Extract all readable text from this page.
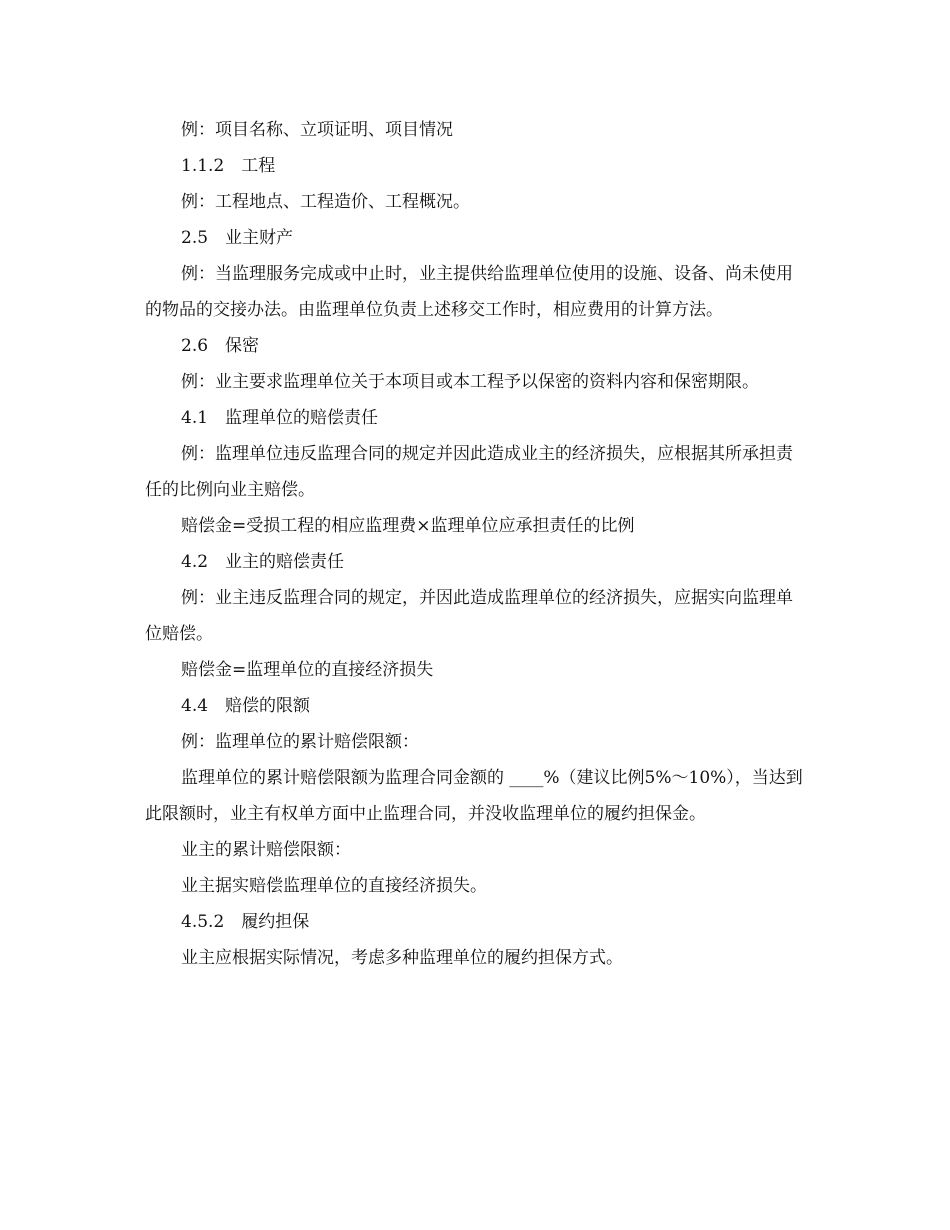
例：项目名称、立项证明、项目情况

1.1.2　工程

例：工程地点、工程造价、工程概况。

2.5　业主财产

例：当监理服务完成或中止时，业主提供给监理单位使用的设施、设备、尚未使用的物品的交接办法。由监理单位负责上述移交工作时，相应费用的计算方法。

2.6　保密

例：业主要求监理单位关于本项目或本工程予以保密的资料内容和保密期限。

4.1　监理单位的赔偿责任

例：监理单位违反监理合同的规定并因此造成业主的经济损失，应根据其所承担责任的比例向业主赔偿。

赔偿金=受损工程的相应监理费×监理单位应承担责任的比例

4.2　业主的赔偿责任

例：业主违反监理合同的规定，并因此造成监理单位的经济损失，应据实向监理单位赔偿。

赔偿金=监理单位的直接经济损失

4.4　赔偿的限额

例：监理单位的累计赔偿限额：

监理单位的累计赔偿限额为监理合同金额的 ____%（建议比例5%～10%），当达到此限额时，业主有权单方面中止监理合同，并没收监理单位的履约担保金。

业主的累计赔偿限额：

业主据实赔偿监理单位的直接经济损失。

4.5.2　履约担保

业主应根据实际情况，考虑多种监理单位的履约担保方式。
